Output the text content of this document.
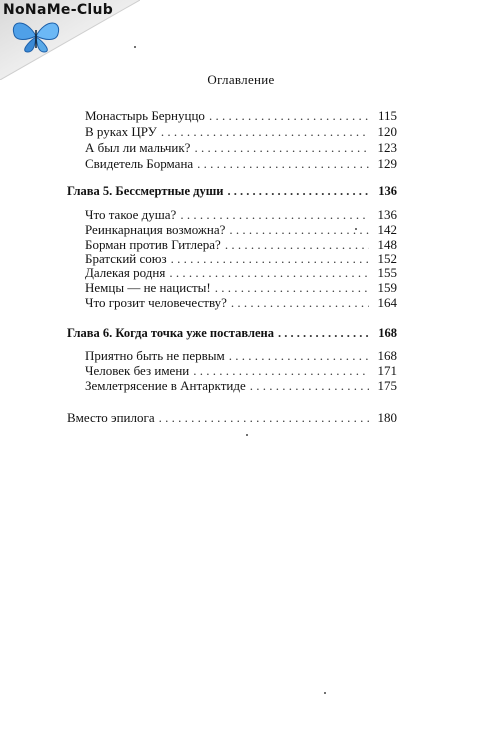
NoNaMe-Club
Оглавление
Монастырь Бернуццо . . .	115
В руках ЦРУ . . .	120
А был ли мальчик? . . .	123
Свидетель Бормана . . .	129
Глава 5. Бессмертные души . . .	136
Что такое душа? . . .	136
Реинкарнация возможна? . . .	142
Борман против Гитлера? . . .	148
Братский союз . . .	152
Далекая родня . . .	155
Немцы — не нацисты! . . .	159
Что грозит человечеству? . . .	164
Глава 6. Когда точка уже поставлена . . .	168
Приятно быть не первым . . .	168
Человек без имени . . .	171
Землетрясение в Антарктиде . . .	175
Вместо эпилога . . .	180
